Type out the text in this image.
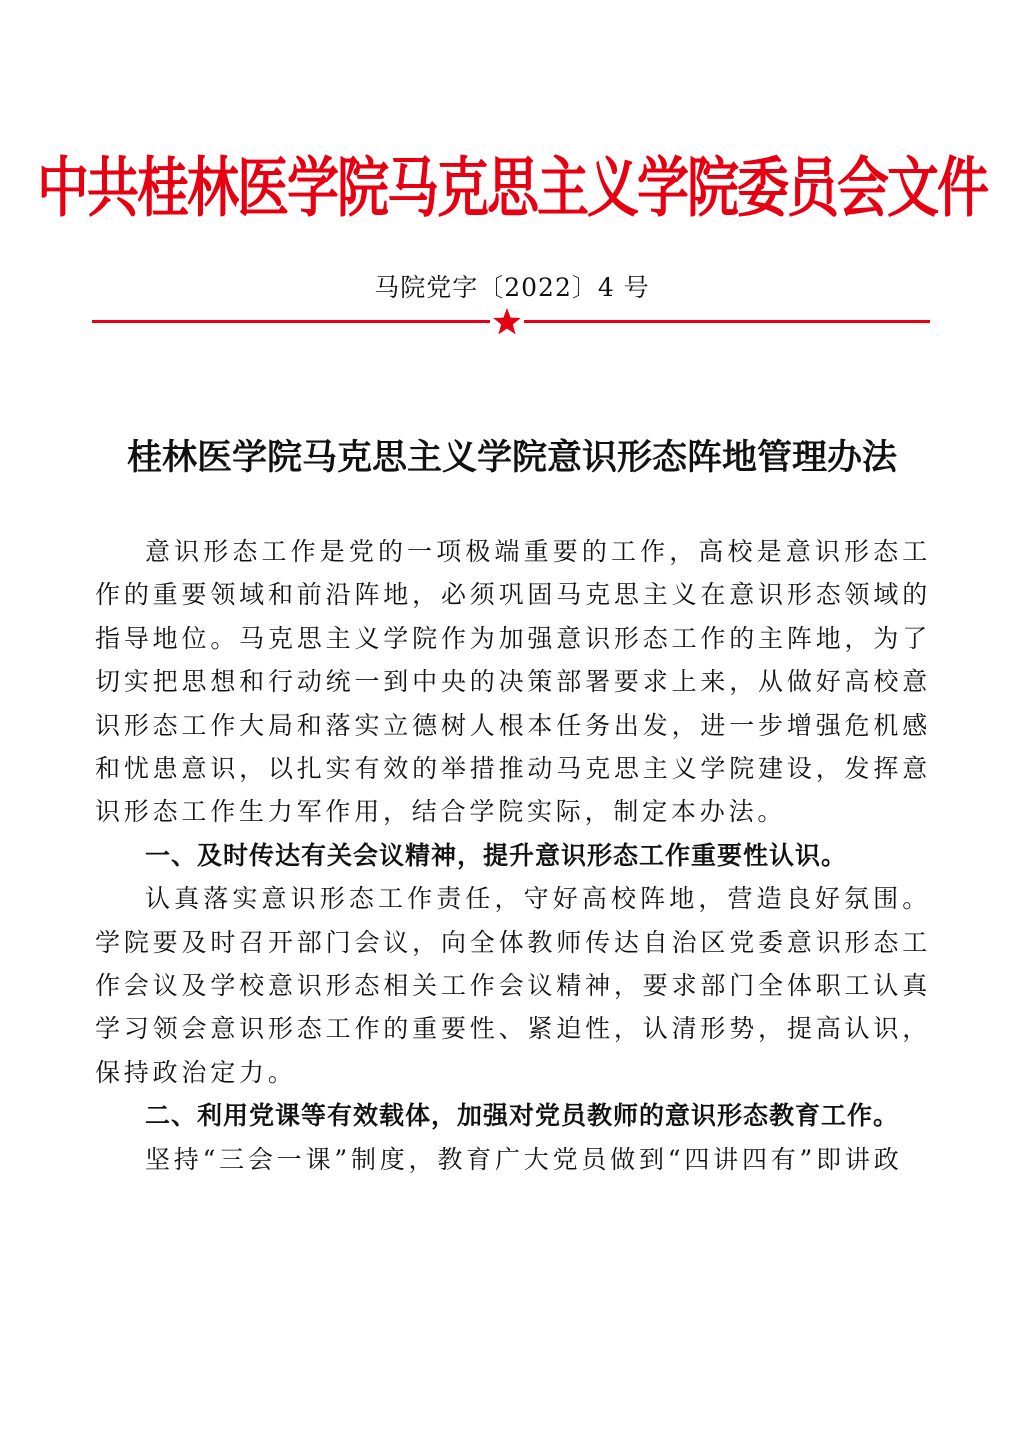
中共桂林医学院马克思主义学院委员会文件
马院党字〔2022〕4 号
桂林医学院马克思主义学院意识形态阵地管理办法

意识形态工作是党的一项极端重要的工作，高校是意识形态工作的重要领域和前沿阵地，必须巩固马克思主义在意识形态领域的指导地位。马克思主义学院作为加强意识形态工作的主阵地，为了切实把思想和行动统一到中央的决策部署要求上来，从做好高校意识形态工作大局和落实立德树人根本任务出发，进一步增强危机感和忧患意识，以扎实有效的举措推动马克思主义学院建设，发挥意识形态工作生力军作用，结合学院实际，制定本办法。

一、及时传达有关会议精神，提升意识形态工作重要性认识。

认真落实意识形态工作责任，守好高校阵地，营造良好氛围。学院要及时召开部门会议，向全体教师传达自治区党委意识形态工作会议及学校意识形态相关工作会议精神，要求部门全体职工认真学习领会意识形态工作的重要性、紧迫性，认清形势，提高认识，保持政治定力。

二、利用党课等有效载体，加强对党员教师的意识形态教育工作。

坚持“三会一课”制度，教育广大党员做到“四讲四有”即讲政
